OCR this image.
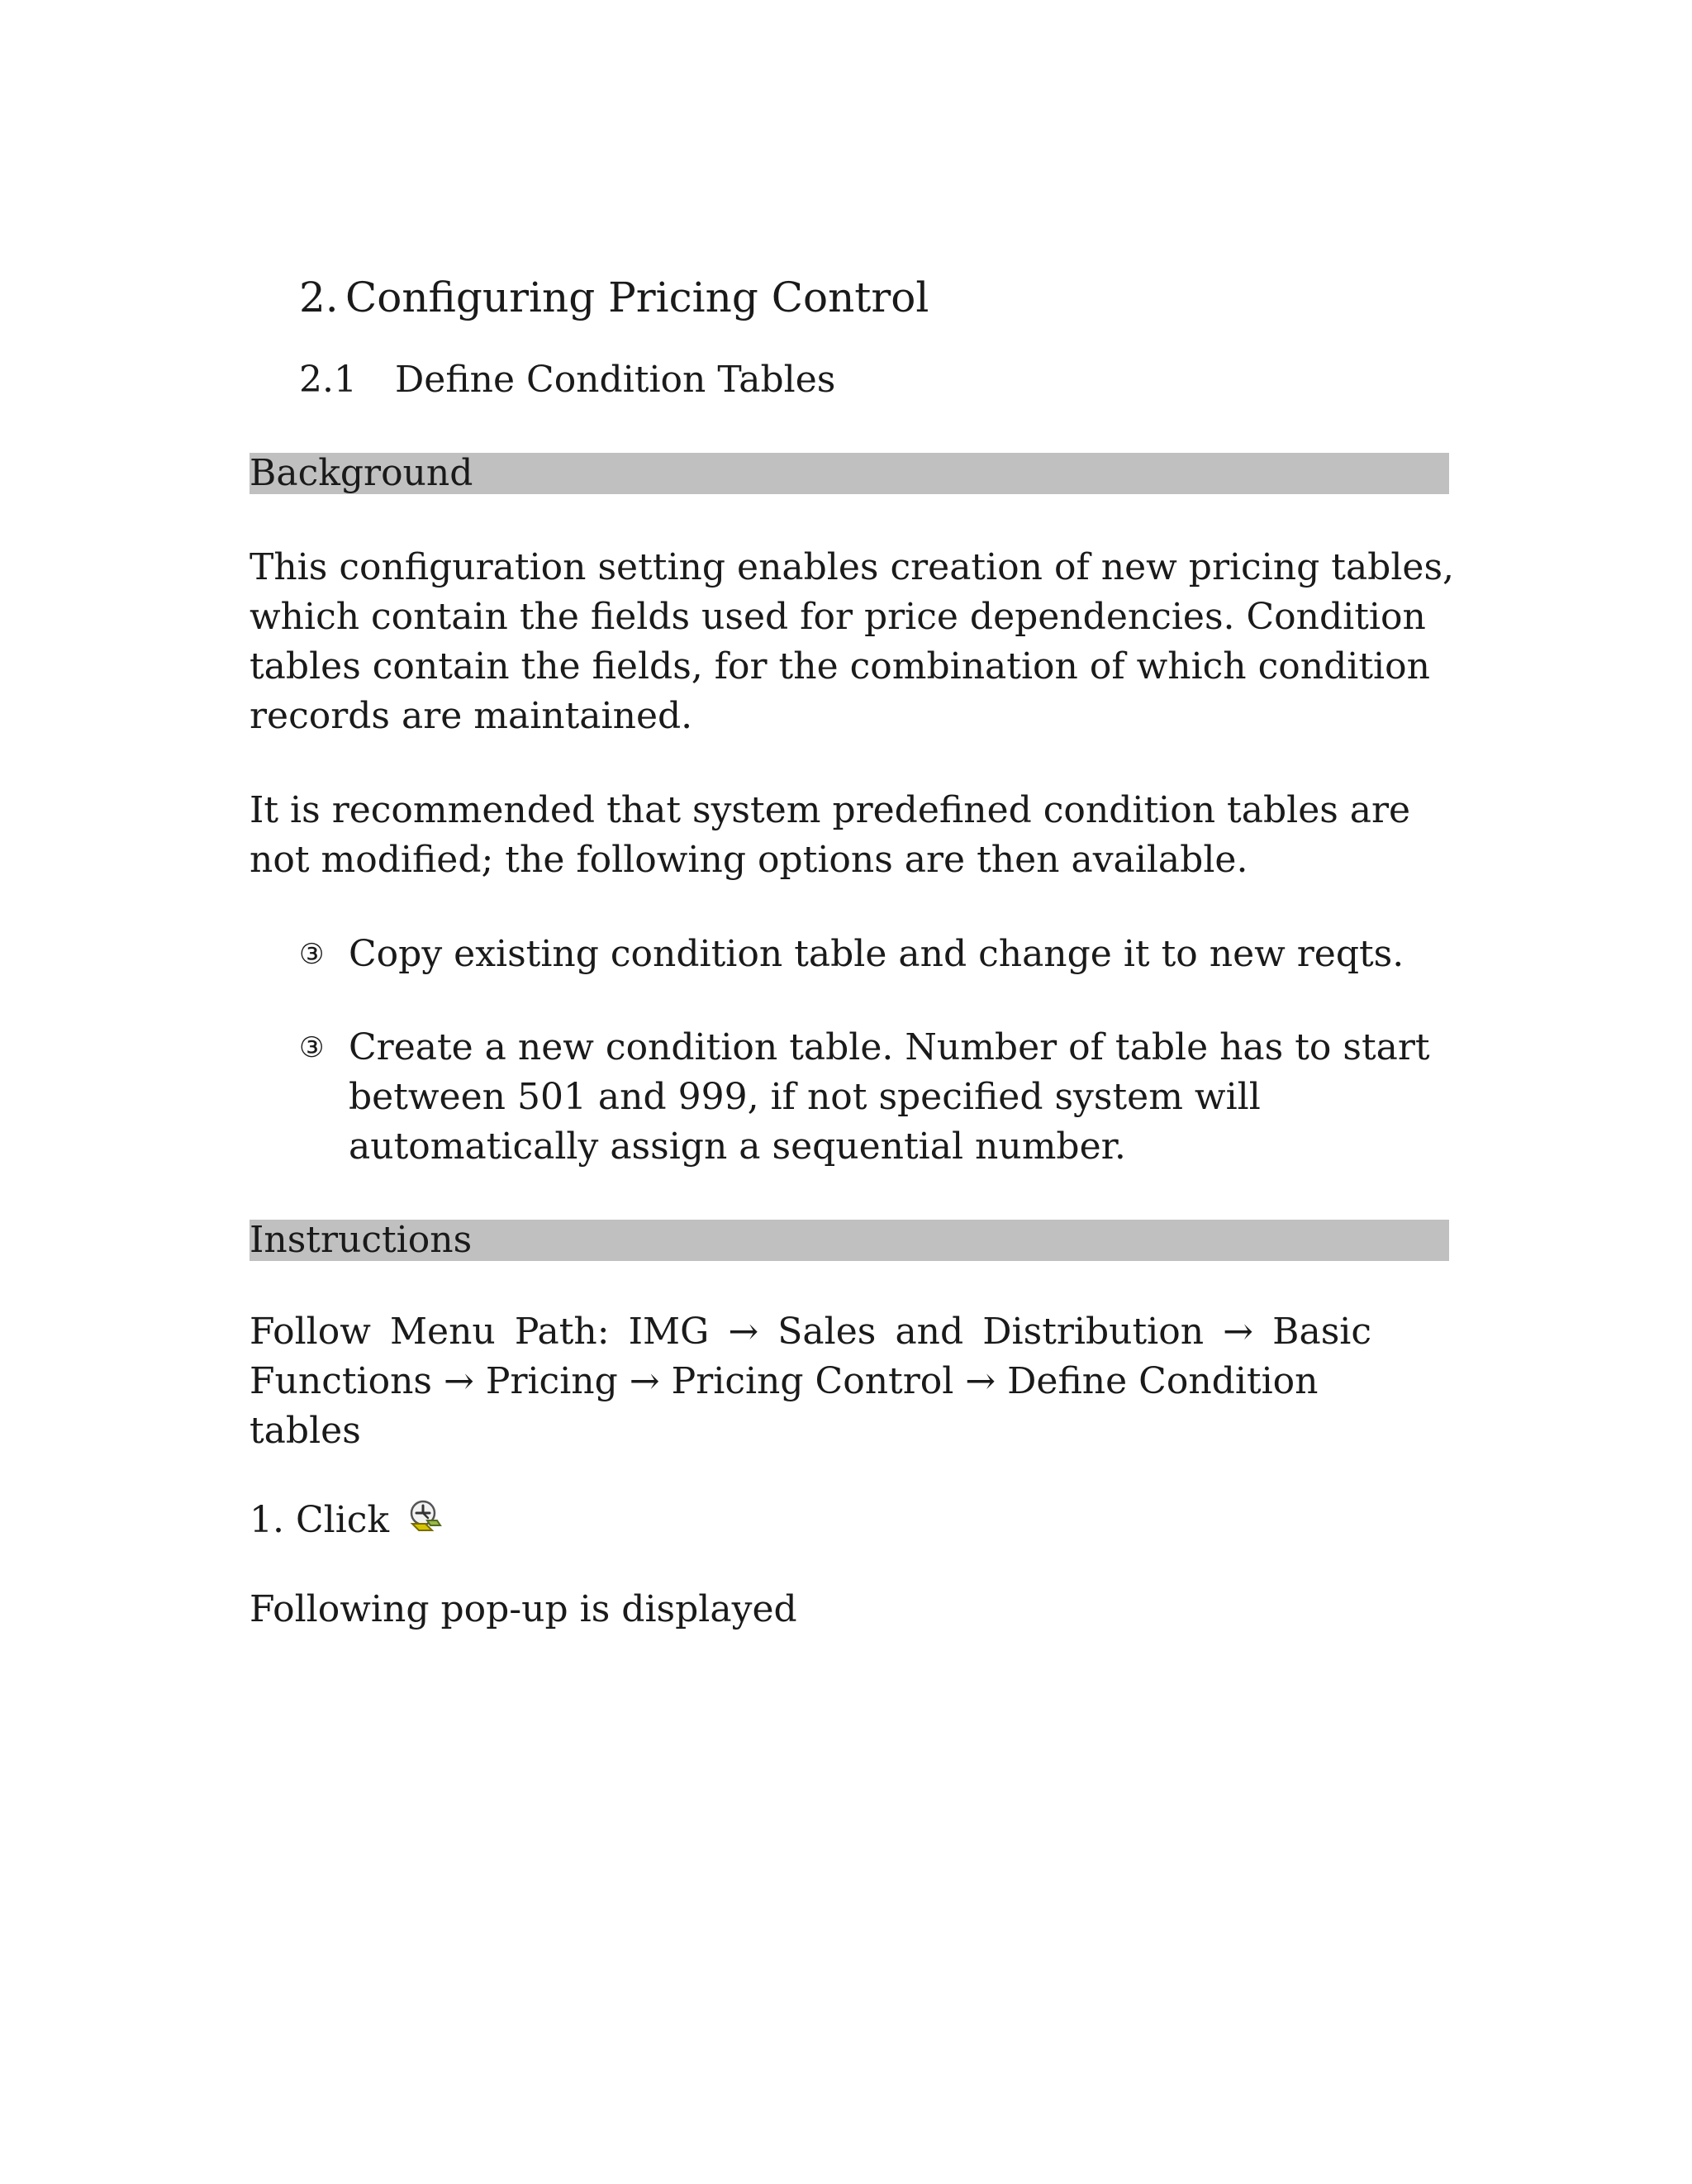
2. Configuring Pricing Control
2.1 Define Condition Tables
Background
This configuration setting enables creation of new pricing tables, which contain the fields used for price dependencies. Condition tables contain the fields, for the combination of which condition records are maintained.
It is recommended that system predefined condition tables are not modified; the following options are then available.
③ Copy existing condition table and change it to new reqts.
③ Create a new condition table. Number of table has to start between 501 and 999, if not specified system will automatically assign a sequential number.
Instructions
Follow Menu Path: IMG → Sales and Distribution → Basic Functions → Pricing → Pricing Control → Define Condition
tables
1. Click
Following pop-up is displayed
